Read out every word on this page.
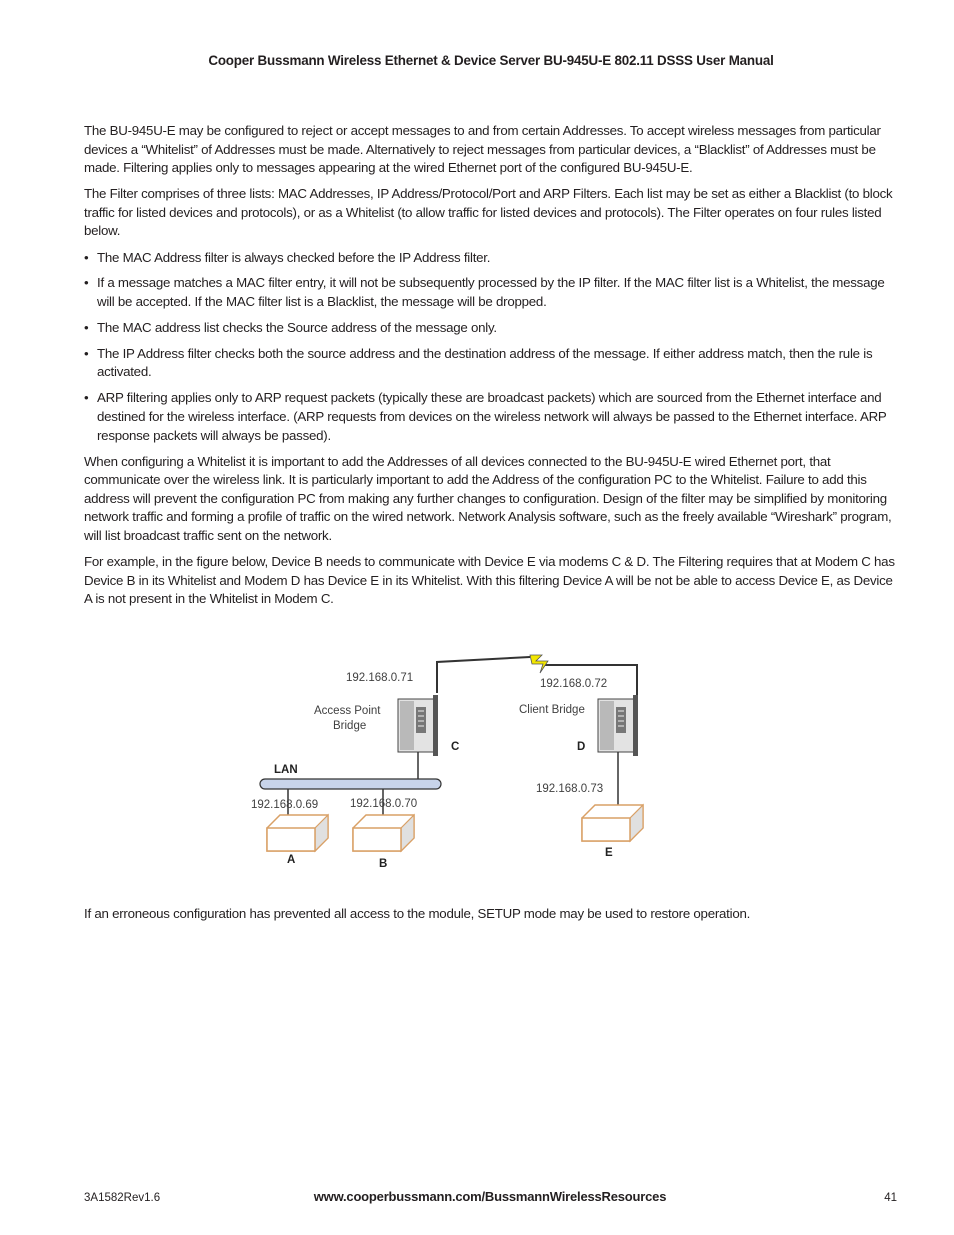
Cooper Bussmann Wireless Ethernet & Device Server BU-945U-E 802.11 DSSS User Manual

The BU-945U-E may be configured to reject or accept messages to and from certain Addresses. To accept wireless messages from particular devices a “Whitelist” of Addresses must be made. Alternatively to reject messages from particular devices, a “Blacklist” of Addresses must be made. Filtering applies only to messages appearing at the wired Ethernet port of the configured BU-945U-E.

The Filter comprises of three lists: MAC Addresses, IP Address/Protocol/Port and ARP Filters. Each list may be set as either a Blacklist (to block traffic for listed devices and protocols), or as a Whitelist (to allow traffic for listed devices and protocols). The Filter operates on four rules listed below.

• The MAC Address filter is always checked before the IP Address filter.
• If a message matches a MAC filter entry, it will not be subsequently processed by the IP filter. If the MAC filter list is a Whitelist, the message will be accepted. If the MAC filter list is a Blacklist, the message will be dropped.
• The MAC address list checks the Source address of the message only.
• The IP Address filter checks both the source address and the destination address of the message. If either address match, then the rule is activated.
• ARP filtering applies only to ARP request packets (typically these are broadcast packets) which are sourced from the Ethernet interface and destined for the wireless interface. (ARP requests from devices on the wireless network will always be passed to the Ethernet interface. ARP response packets will always be passed).

When configuring a Whitelist it is important to add the Addresses of all devices connected to the BU-945U-E wired Ethernet port, that communicate over the wireless link. It is particularly important to add the Address of the configuration PC to the Whitelist. Failure to add this address will prevent the configuration PC from making any further changes to configuration. Design of the filter may be simplified by monitoring network traffic and forming a profile of traffic on the wired network. Network Analysis software, such as the freely available “Wireshark” program, will list broadcast traffic sent on the network.

For example, in the figure below, Device B needs to communicate with Device E via modems C & D. The Filtering requires that at Modem C has Device B in its Whitelist and Modem D has Device E in its Whitelist. With this filtering Device A will be not be able to access Device E, as Device A is not present in the Whitelist in Modem C.

192.168.0.71	192.168.0.72
Access Point
Bridge
Client Bridge
C	D
LAN
192.168.0.69	192.168.0.70
192.168.0.73
A	B
E

If an erroneous configuration has prevented all access to the module, SETUP mode may be used to restore operation.

3A1582Rev1.6	www.cooperbussmann.com/BussmannWirelessResources	41
